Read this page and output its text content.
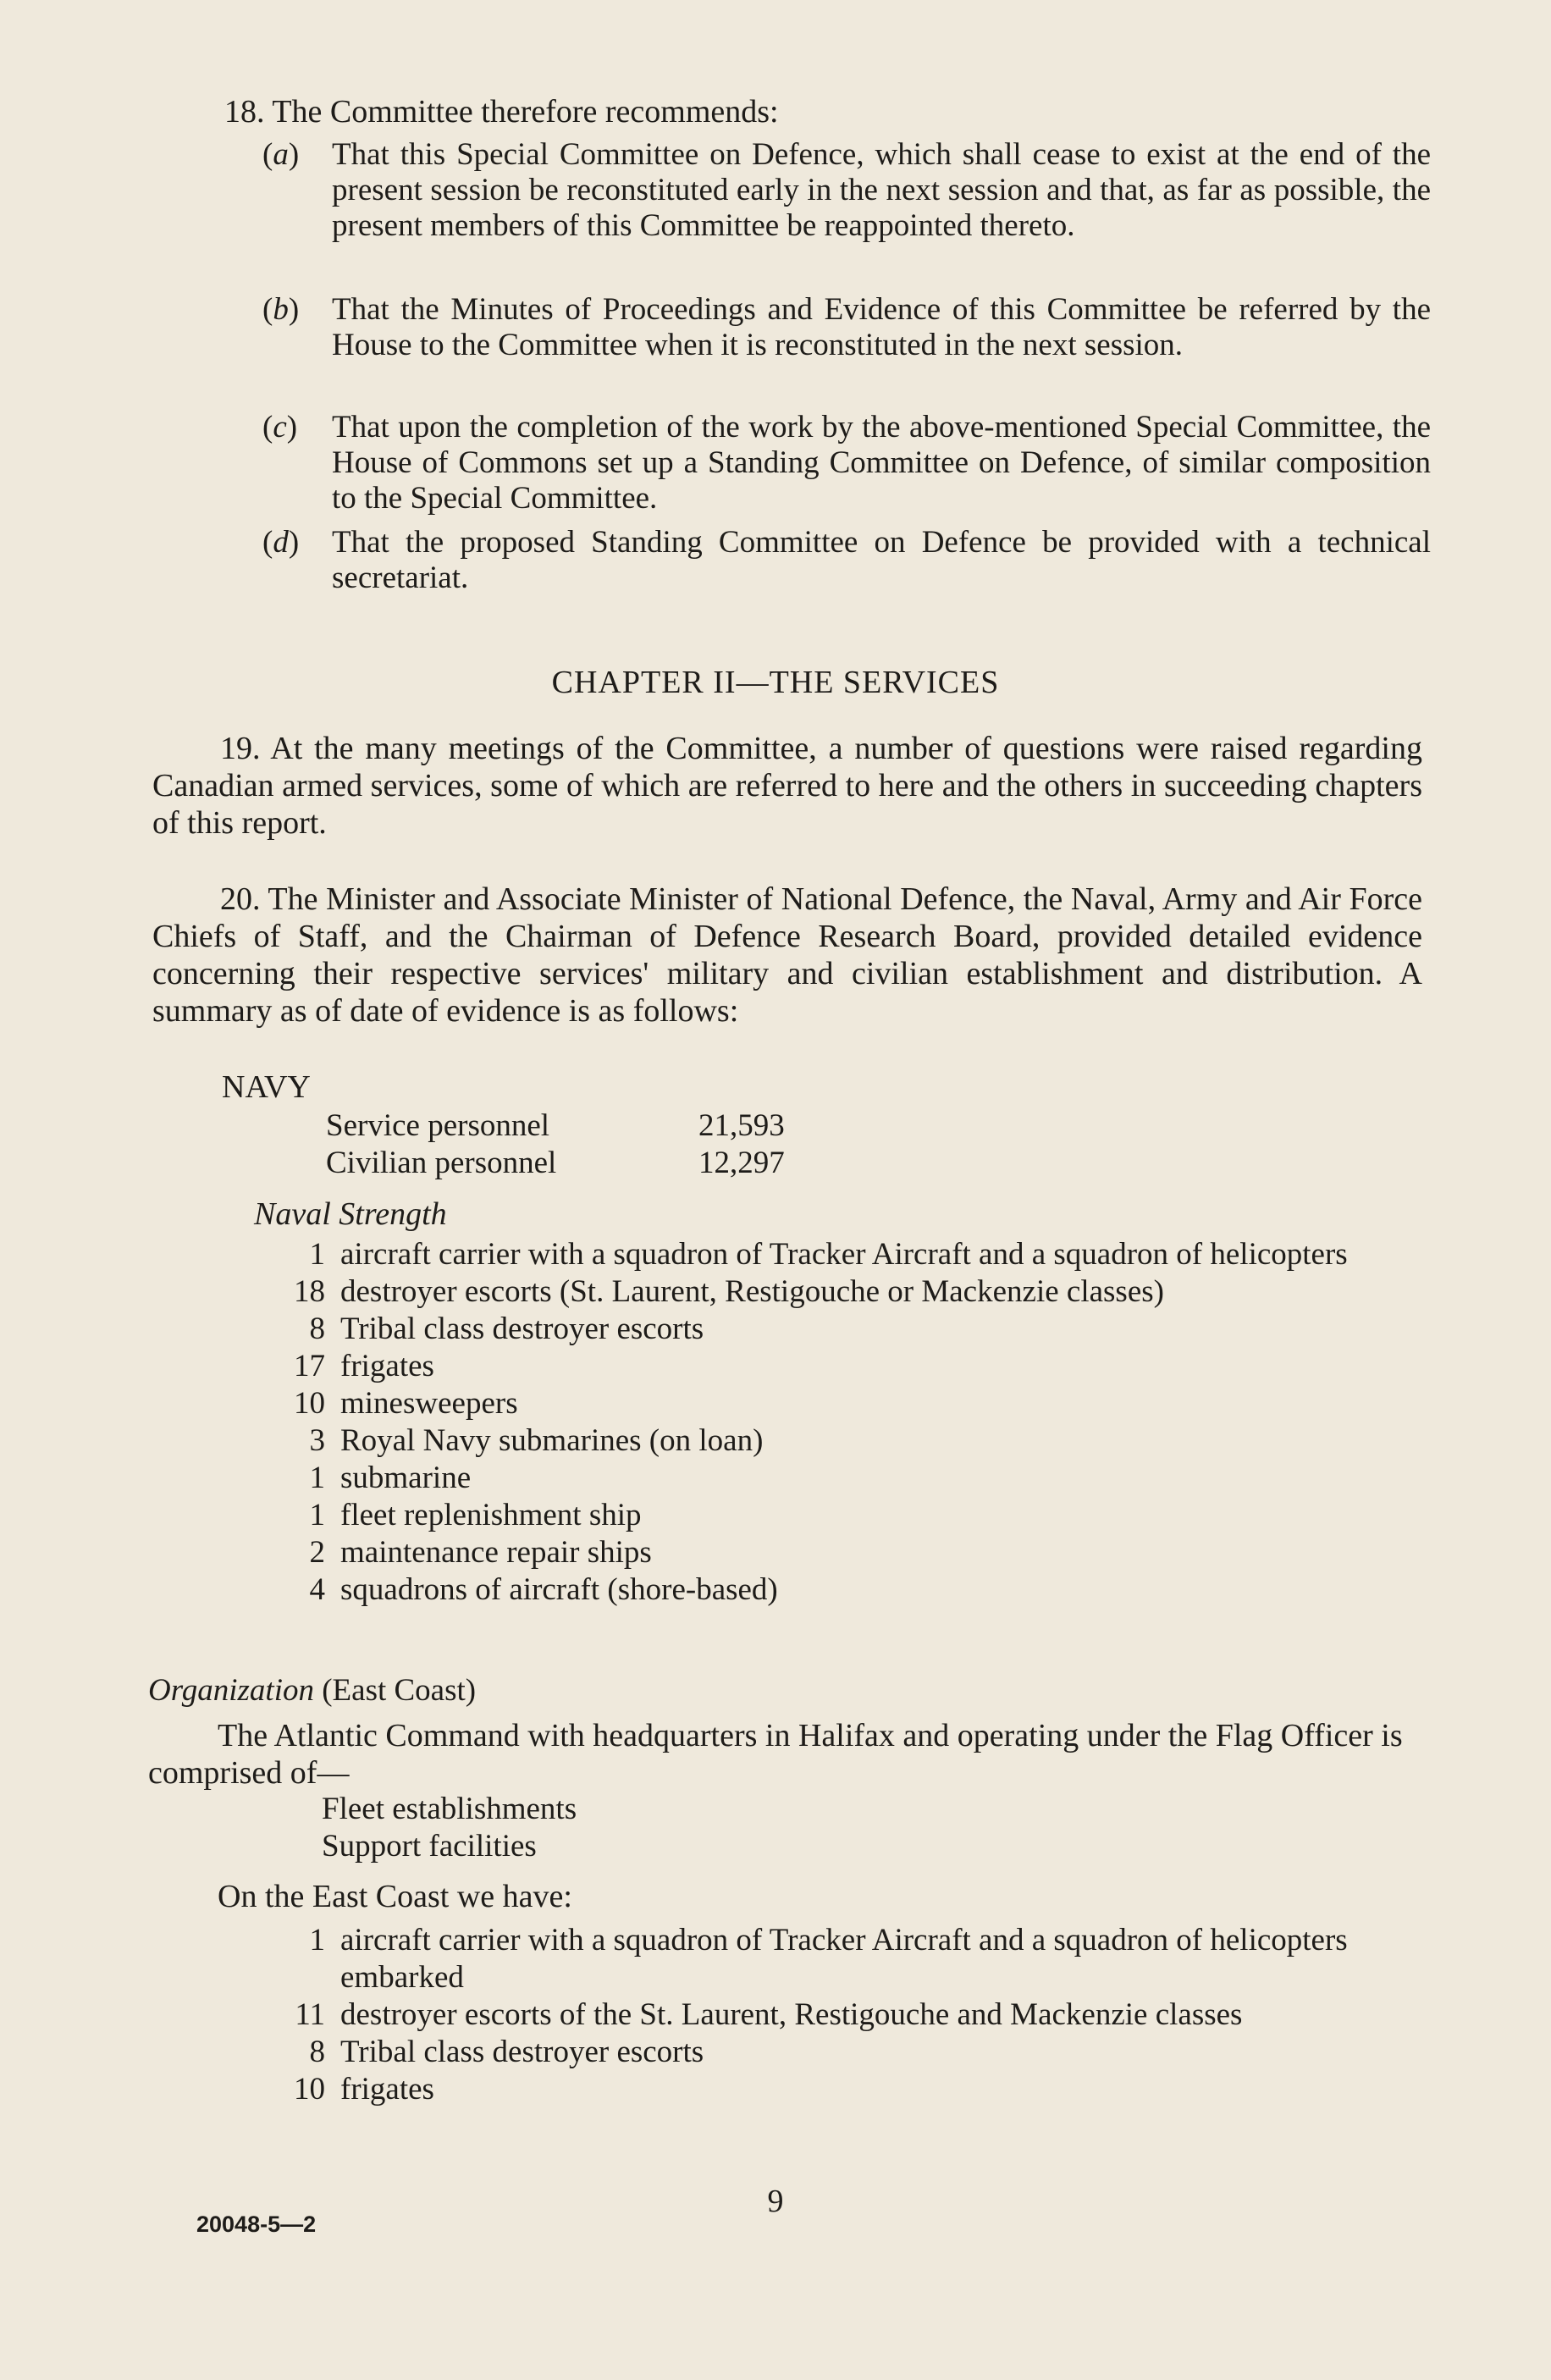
18. The Committee therefore recommends:
(a) That this Special Committee on Defence, which shall cease to exist at the end of the present session be reconstituted early in the next session and that, as far as possible, the present members of this Committee be reappointed thereto.
(b) That the Minutes of Proceedings and Evidence of this Committee be referred by the House to the Committee when it is reconstituted in the next session.
(c) That upon the completion of the work by the above-mentioned Special Committee, the House of Commons set up a Standing Committee on Defence, of similar composition to the Special Committee.
(d) That the proposed Standing Committee on Defence be provided with a technical secretariat.
CHAPTER II—THE SERVICES
19. At the many meetings of the Committee, a number of questions were raised regarding Canadian armed services, some of which are referred to here and the others in succeeding chapters of this report.
20. The Minister and Associate Minister of National Defence, the Naval, Army and Air Force Chiefs of Staff, and the Chairman of Defence Research Board, provided detailed evidence concerning their respective services' military and civilian establishment and distribution. A summary as of date of evidence is as follows:
NAVY
Service personnel	21,593
Civilian personnel	12,297
Naval Strength
1 aircraft carrier with a squadron of Tracker Aircraft and a squadron of helicopters
18 destroyer escorts (St. Laurent, Restigouche or Mackenzie classes)
8 Tribal class destroyer escorts
17 frigates
10 minesweepers
3 Royal Navy submarines (on loan)
1 submarine
1 fleet replenishment ship
2 maintenance repair ships
4 squadrons of aircraft (shore-based)
Organization (East Coast)
The Atlantic Command with headquarters in Halifax and operating under the Flag Officer is comprised of—
Fleet establishments
Support facilities
On the East Coast we have:
1 aircraft carrier with a squadron of Tracker Aircraft and a squadron of helicopters embarked
11 destroyer escorts of the St. Laurent, Restigouche and Mackenzie classes
8 Tribal class destroyer escorts
10 frigates
9
20048-5—2
